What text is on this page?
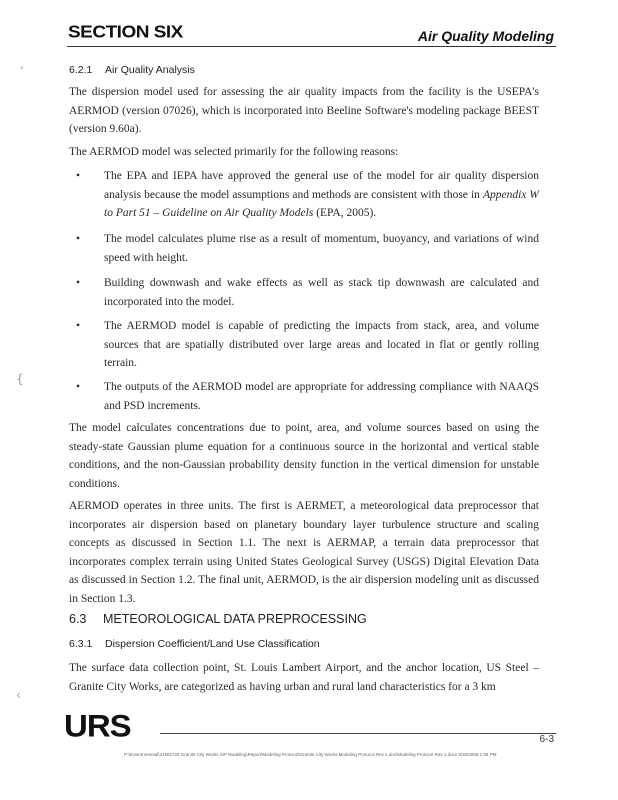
SECTION SIX	Air Quality Modeling
ʻ
{
‹
6.2.1 Air Quality Analysis
The dispersion model used for assessing the air quality impacts from the facility is the USEPA's AERMOD (version 07026), which is incorporated into Beeline Software's modeling package BEEST (version 9.60a).
The AERMOD model was selected primarily for the following reasons:
•	The EPA and IEPA have approved the general use of the model for air quality dispersion analysis because the model assumptions and methods are consistent with those in Appendix W to Part 51 – Guideline on Air Quality Models (EPA, 2005).
•	The model calculates plume rise as a result of momentum, buoyancy, and variations of wind speed with height.
•	Building downwash and wake effects as well as stack tip downwash are calculated and incorporated into the model.
•	The AERMOD model is capable of predicting the impacts from stack, area, and volume sources that are spatially distributed over large areas and located in flat or gently rolling terrain.
•	The outputs of the AERMOD model are appropriate for addressing compliance with NAAQS and PSD increments.
The model calculates concentrations due to point, area, and volume sources based on using the steady-state Gaussian plume equation for a continuous source in the horizontal and vertical stable conditions, and the non-Gaussian probability density function in the vertical dimension for unstable conditions.
AERMOD operates in three units. The first is AERMET, a meteorological data preprocessor that incorporates air dispersion based on planetary boundary layer turbulence structure and scaling concepts as discussed in Section 1.1. The next is AERMAP, a terrain data preprocessor that incorporates complex terrain using United States Geological Survey (USGS) Digital Elevation Data as discussed in Section 1.2. The final unit, AERMOD, is the air dispersion modeling unit as discussed in Section 1.3.
6.3 METEOROLOGICAL DATA PREPROCESSING
6.3.1 Dispersion Coefficient/Land Use Classification
The surface data collection point, St. Louis Lambert Airport, and the anchor location, US Steel – Granite City Works, are categorized as having urban and rural land characteristics for a 3 km
URS	6-3
P:\Environmental\21562729 Granite City Works SIP Modeling\Report\Modeling Protocol\Granite City Works Modeling Protocol Rev 1.doc\Modeling Protocol Rev 1.docx 5/30/2008 1:55 PM
